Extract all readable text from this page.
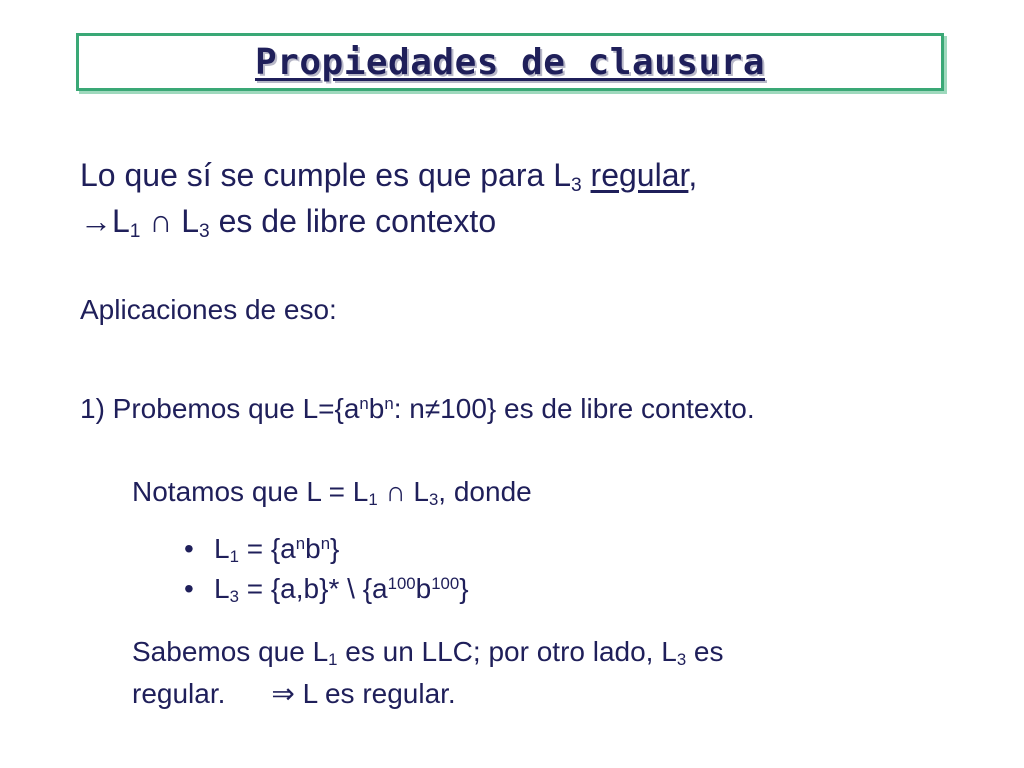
Propiedades de clausura
Lo que sí se cumple es que para $L_3$ regular,
$\to L_1$ ∩ $L_3$ es de libre contexto
Aplicaciones de eso:
1) Probemos que $L=\{a^nb^n$: n≠100} es de libre contexto.
Notamos que $L = L_1$ ∩ $L_3$, donde
• $L_1 = \{a^nb^n\}$
• $L_3 = \{a,b\}*$ \ $\{a^{100}b^{100}\}$
Sabemos que $L_1$ es un LLC; por otro lado, $L_3$ es
regular. ⇒ L es regular.
